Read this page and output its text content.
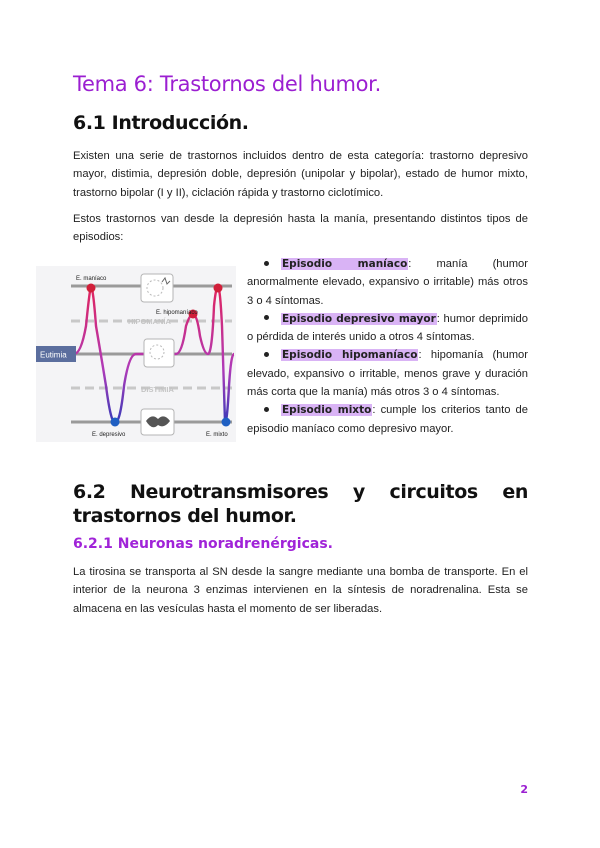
Tema 6: Trastornos del humor.
6.1 Introducción.

Existen una serie de trastornos incluidos dentro de esta categoría: trastorno depresivo mayor, distimia, depresión doble, depresión (unipolar y bipolar), estado de humor mixto, trastorno bipolar (I y II), ciclación rápida y trastorno ciclotímico.

Estos trastornos van desde la depresión hasta la manía, presentando distintos tipos de episodios:

Eutimia
E. maníaco
E. hipomaníaco
HIPOMANÍA
DISTIMIA
E. depresivo	E. mixto
Episodio maníaco: manía (humor anormalmente elevado, expansivo o irritable) más otros 3 o 4 síntomas.
Episodio depresivo mayor: humor deprimido o pérdida de interés unido a otros 4 síntomas.
Episodio hipomaníaco: hipomanía (humor elevado, expansivo o irritable, menos grave y duración más corta que la manía) más otros 3 o 4 síntomas.
Episodio mixto: cumple los criterios tanto de episodio maníaco como depresivo mayor.
6.2 Neurotransmisores y circuitos en trastornos del humor.
6.2.1 Neuronas noradrenérgicas.

La tirosina se transporta al SN desde la sangre mediante una bomba de transporte. En el interior de la neurona 3 enzimas intervienen en la síntesis de noradrenalina. Esta se almacena en las vesículas hasta el momento de ser liberadas.

2
